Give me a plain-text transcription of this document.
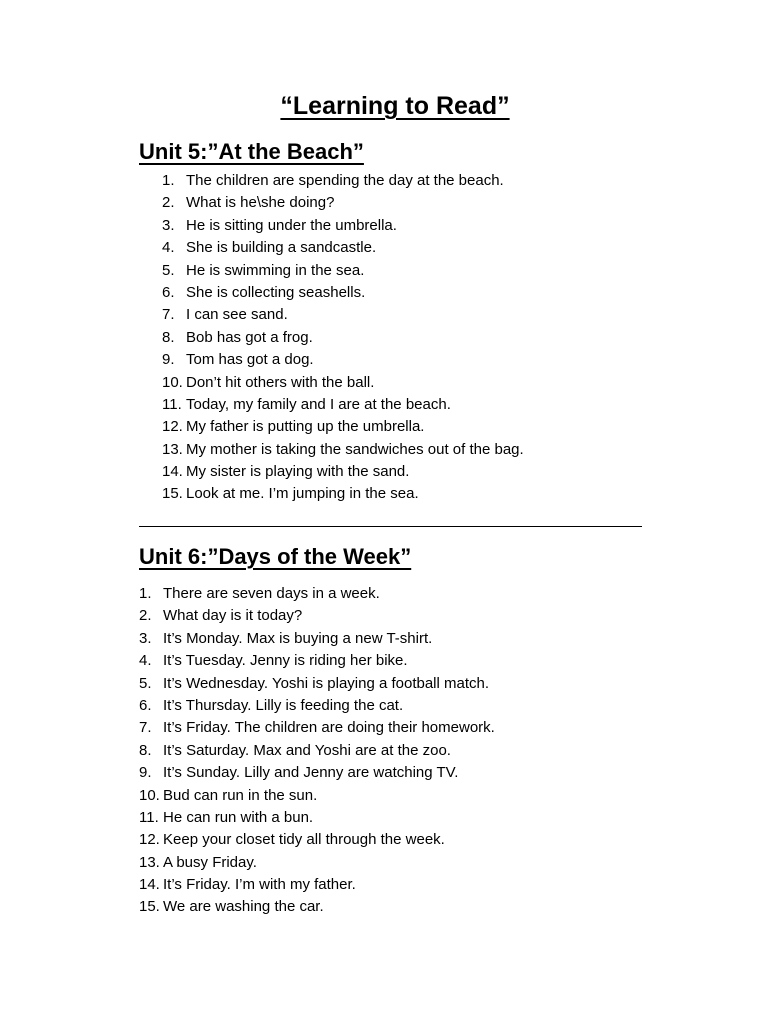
“Learning to Read”
Unit 5:”At the Beach”
1. The children are spending the day at the beach.
2. What is he\she doing?
3. He is sitting under the umbrella.
4. She is building a sandcastle.
5. He is swimming in the sea.
6. She is collecting seashells.
7. I can see sand.
8. Bob has got a frog.
9. Tom has got a dog.
10. Don’t hit others with the ball.
11. Today, my family and I are at the beach.
12. My father is putting up the umbrella.
13. My mother is taking the sandwiches out of the bag.
14. My sister is playing with the sand.
15. Look at me. I’m jumping in the sea.
Unit 6:”Days of the Week”
1. There are seven days in a week.
2. What day is it today?
3. It’s Monday. Max is buying a new T-shirt.
4. It’s Tuesday. Jenny is riding her bike.
5. It’s Wednesday. Yoshi is playing a football match.
6. It’s Thursday. Lilly is feeding the cat.
7. It’s Friday. The children are doing their homework.
8. It’s Saturday. Max and Yoshi are at the zoo.
9. It’s Sunday. Lilly and Jenny are watching TV.
10. Bud can run in the sun.
11. He can run with a bun.
12. Keep your closet tidy all through the week.
13. A busy Friday.
14. It’s Friday. I’m with my father.
15. We are washing the car.
